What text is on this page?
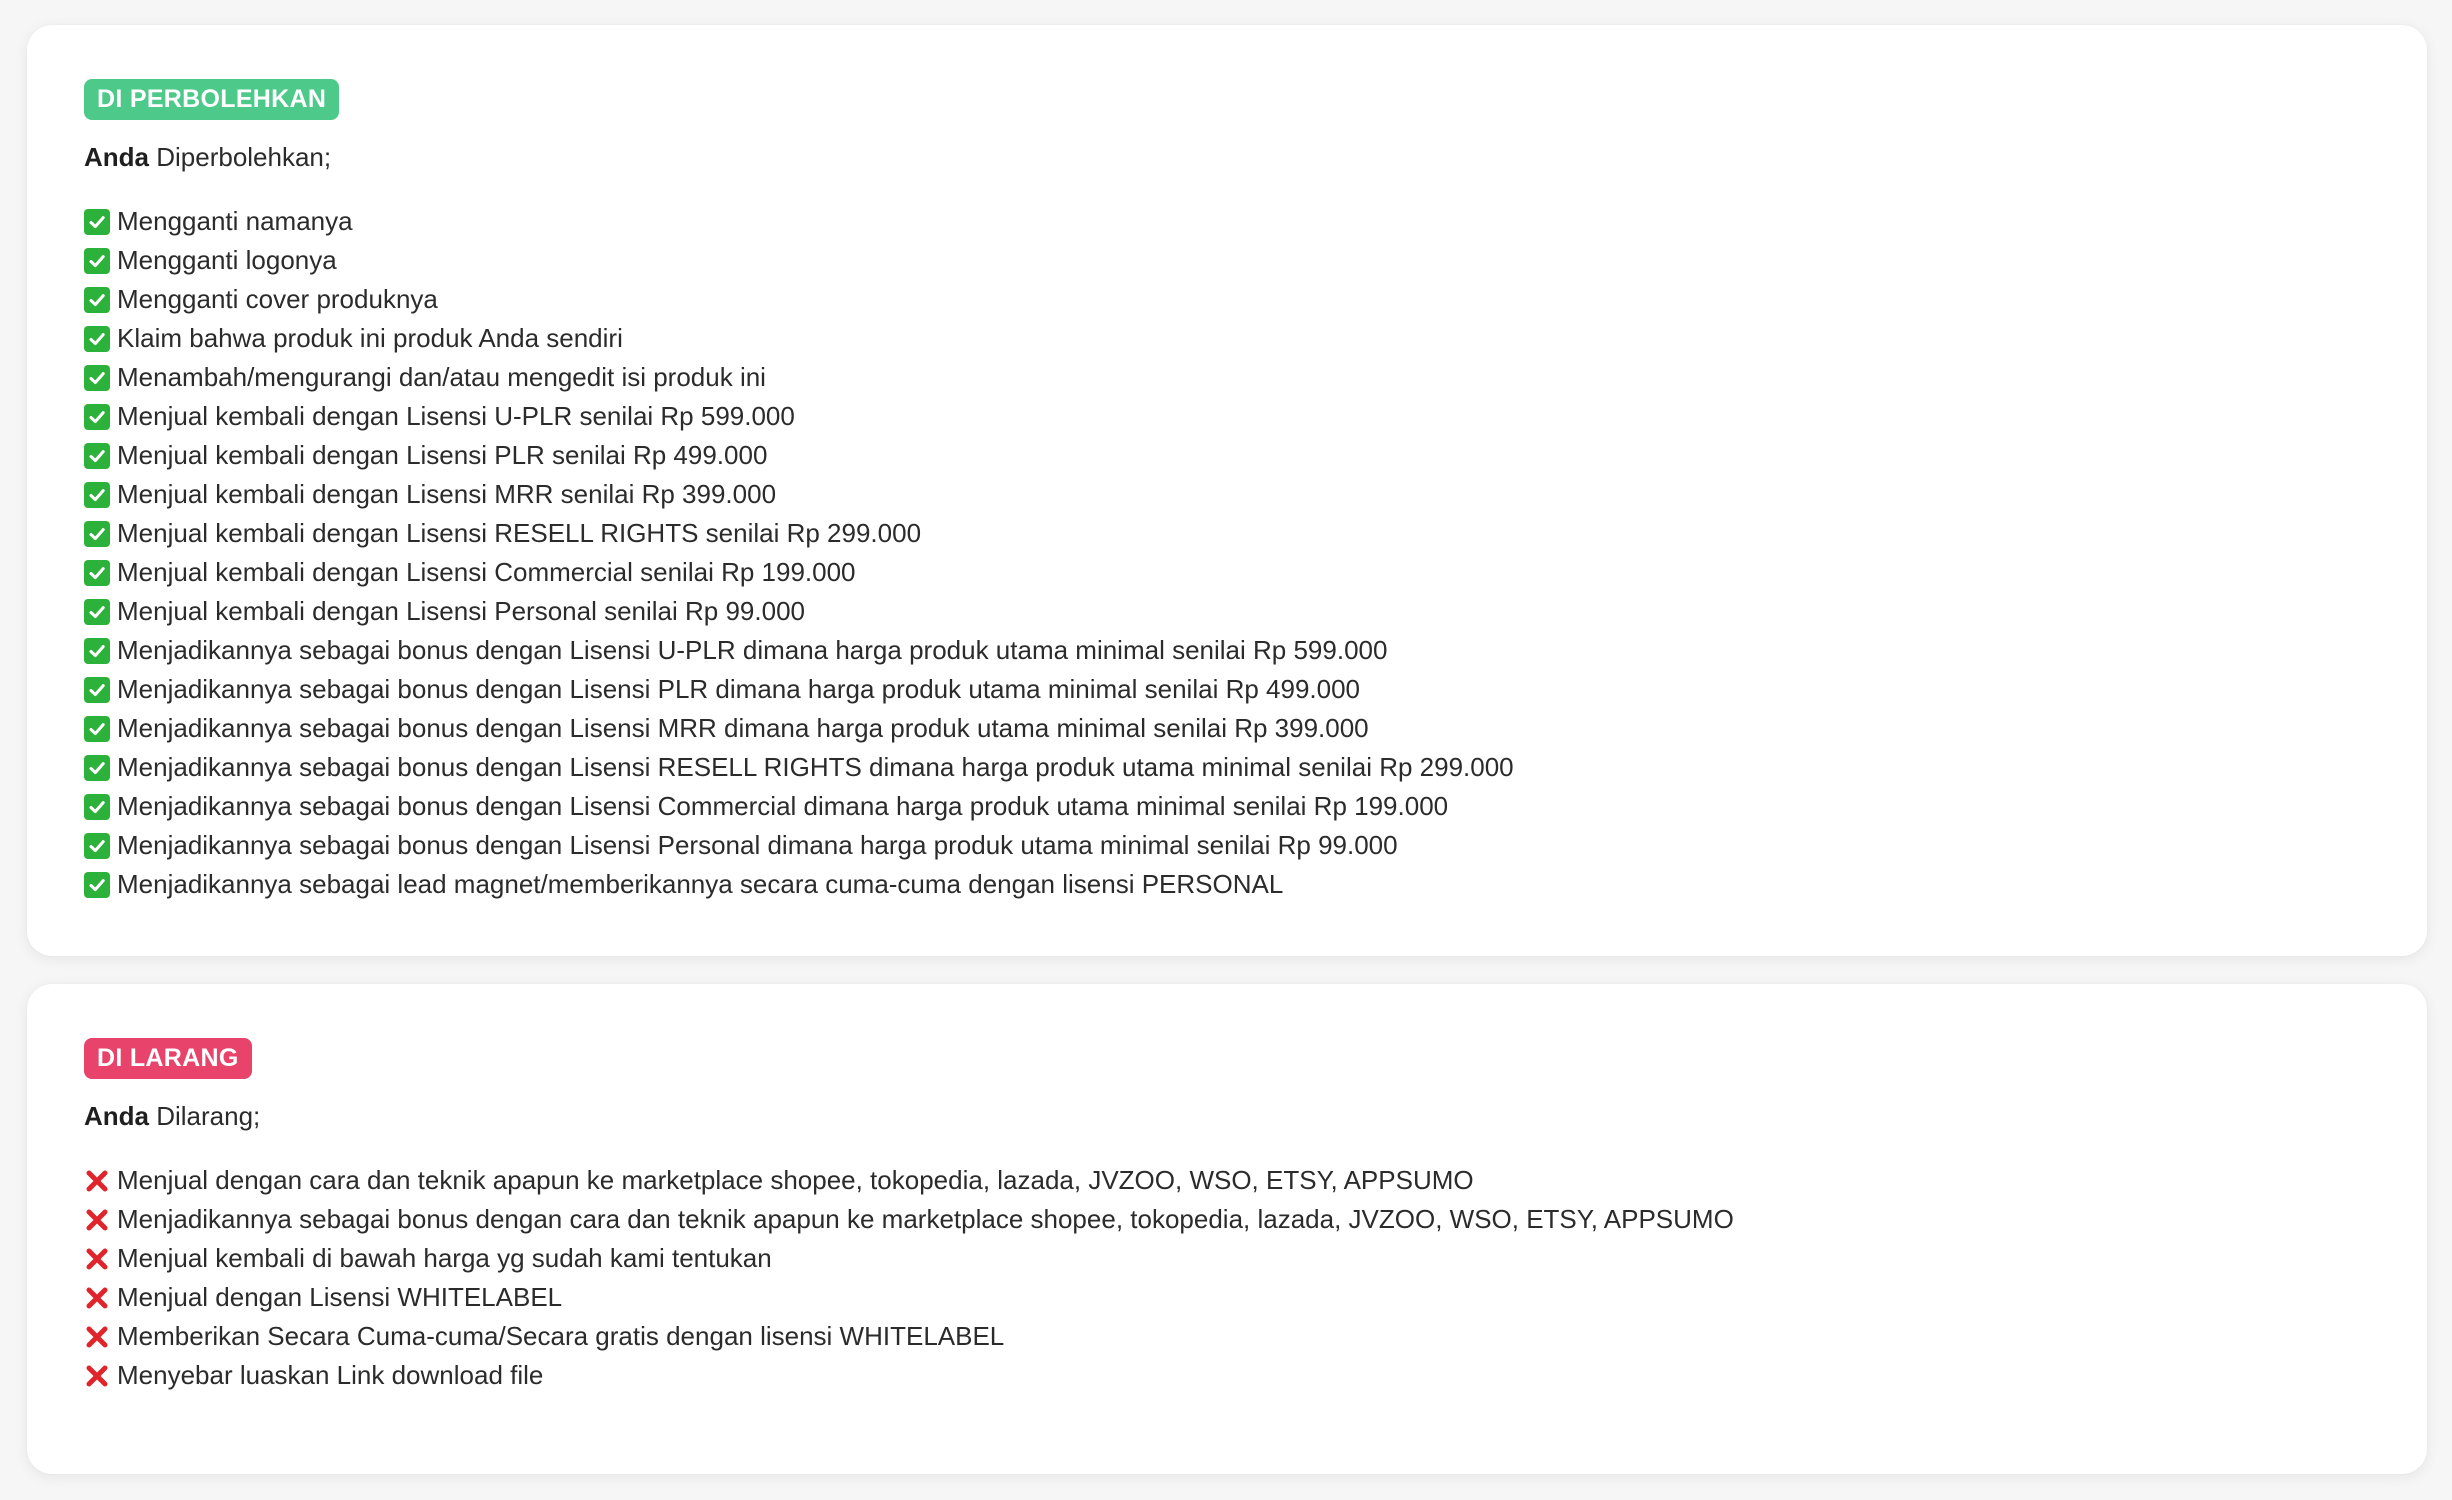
DI PERBOLEHKAN
Anda Diperbolehkan;
Mengganti namanya
Mengganti logonya
Mengganti cover produknya
Klaim bahwa produk ini produk Anda sendiri
Menambah/mengurangi dan/atau mengedit isi produk ini
Menjual kembali dengan Lisensi U-PLR senilai Rp 599.000
Menjual kembali dengan Lisensi PLR senilai Rp 499.000
Menjual kembali dengan Lisensi MRR senilai Rp 399.000
Menjual kembali dengan Lisensi RESELL RIGHTS senilai Rp 299.000
Menjual kembali dengan Lisensi Commercial senilai Rp 199.000
Menjual kembali dengan Lisensi Personal senilai Rp 99.000
Menjadikannya sebagai bonus dengan Lisensi U-PLR dimana harga produk utama minimal senilai Rp 599.000
Menjadikannya sebagai bonus dengan Lisensi PLR dimana harga produk utama minimal senilai Rp 499.000
Menjadikannya sebagai bonus dengan Lisensi MRR dimana harga produk utama minimal senilai Rp 399.000
Menjadikannya sebagai bonus dengan Lisensi RESELL RIGHTS dimana harga produk utama minimal senilai Rp 299.000
Menjadikannya sebagai bonus dengan Lisensi Commercial dimana harga produk utama minimal senilai Rp 199.000
Menjadikannya sebagai bonus dengan Lisensi Personal dimana harga produk utama minimal senilai Rp 99.000
Menjadikannya sebagai lead magnet/memberikannya secara cuma-cuma dengan lisensi PERSONAL
DI LARANG
Anda Dilarang;
Menjual dengan cara dan teknik apapun ke marketplace shopee, tokopedia, lazada, JVZOO, WSO, ETSY, APPSUMO
Menjadikannya sebagai bonus dengan cara dan teknik apapun ke marketplace shopee, tokopedia, lazada, JVZOO, WSO, ETSY, APPSUMO
Menjual kembali di bawah harga yg sudah kami tentukan
Menjual dengan Lisensi WHITELABEL
Memberikan Secara Cuma-cuma/Secara gratis dengan lisensi WHITELABEL
Menyebar luaskan Link download file
